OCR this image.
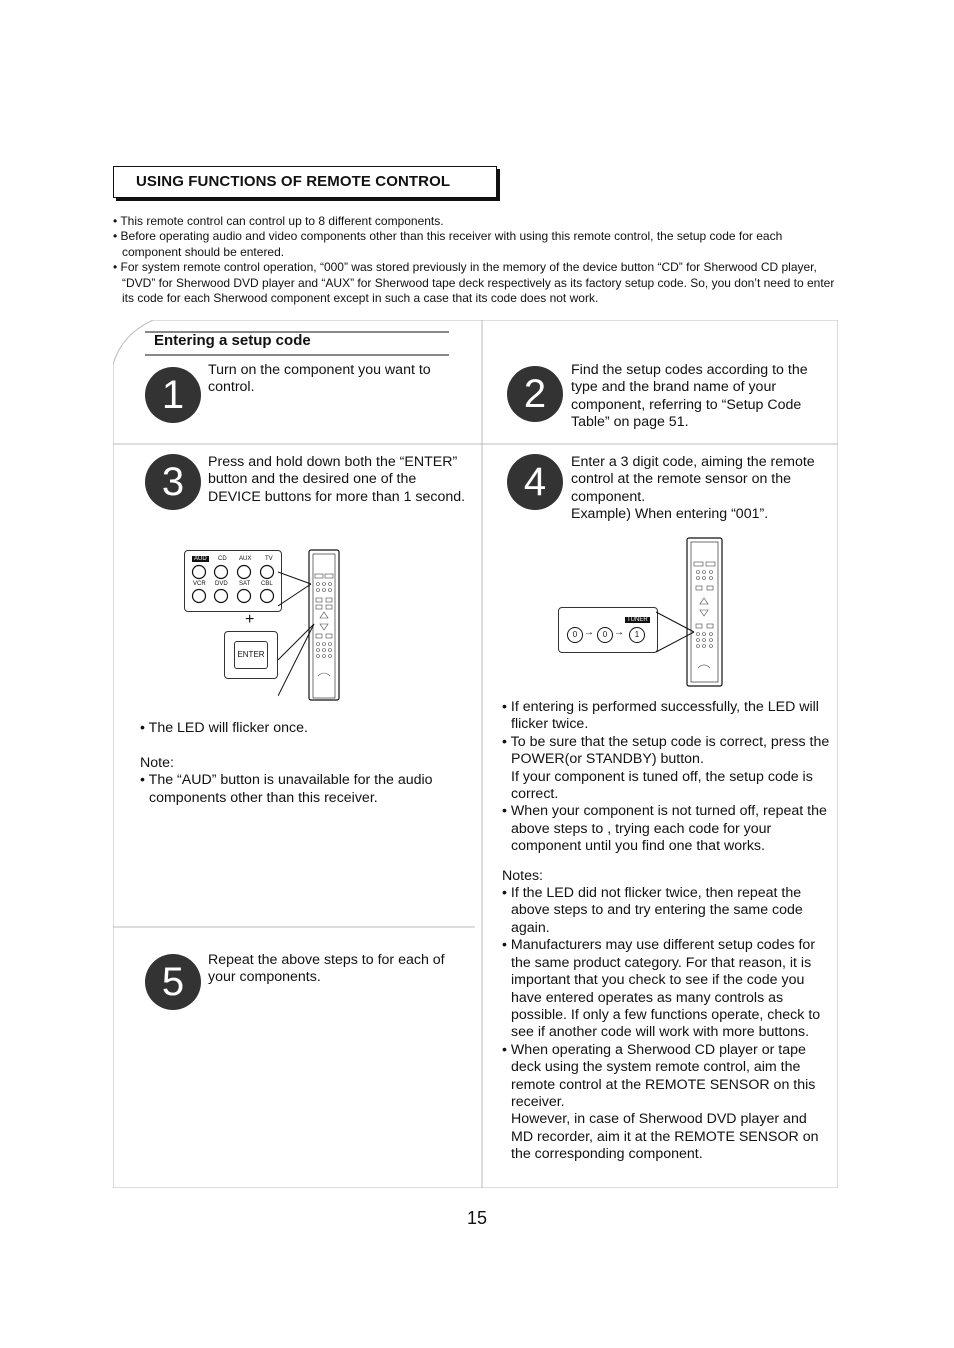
USING FUNCTIONS OF REMOTE CONTROL
• This remote control can control up to 8 different components.
• Before operating audio and video components other than this receiver with using this remote control, the setup code for each component should be entered.
• For system remote control operation, “000” was stored previously in the memory of the device button “CD” for Sherwood CD player, “DVD” for Sherwood DVD player and “AUX” for Sherwood tape deck respectively as its factory setup code. So, you don’t need to enter its code for each Sherwood component except in such a case that its code does not work.
Entering a setup code
1
Turn on the component you want to control.	2
Find the setup codes according to the type and the brand name of your component, referring to “Setup Code Table” on page 51.
3	Press and hold down both the “ENTER” button and the desired one of the DEVICE buttons for more than 1 second.	4	Enter a 3 digit code, aiming the remote control at the remote sensor on the component.
Example) When entering “001”.
AUD	CD AUX TV
VCR DVD SAT CBL
+
ENTER
TUNER
0 →	0 →	1
• The LED will flicker once.
Note:
• The “AUD” button is unavailable for the audio components other than this receiver.
5	Repeat the above steps to for each of your components.
• If entering is performed successfully, the LED will flicker twice.
• To be sure that the setup code is correct, press the POWER(or STANDBY) button.
If your component is tuned off, the setup code is correct.
• When your component is not turned off, repeat the above steps to , trying each code for your component until you find one that works.
Notes:
• If the LED did not flicker twice, then repeat the above steps to and try entering the same code again.
• Manufacturers may use different setup codes for the same product category. For that reason, it is important that you check to see if the code you have entered operates as many controls as possible. If only a few functions operate, check to see if another code will work with more buttons.
• When operating a Sherwood CD player or tape deck using the system remote control, aim the remote control at the REMOTE SENSOR on this receiver.
However, in case of Sherwood DVD player and MD recorder, aim it at the REMOTE SENSOR on the corresponding component.
15
